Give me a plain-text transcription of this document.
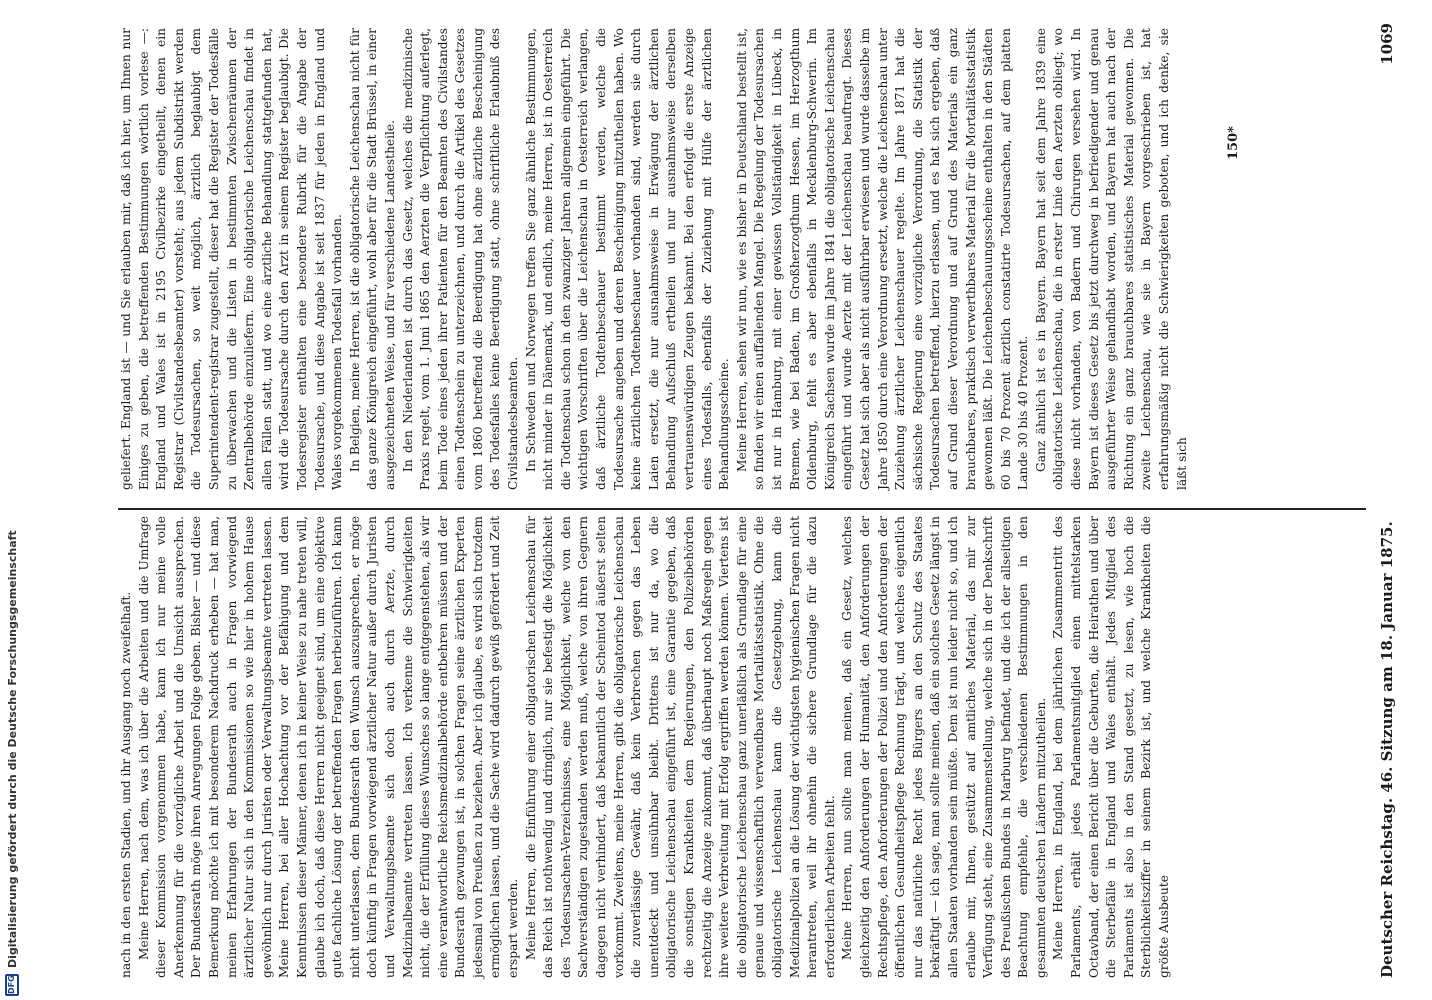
Deutscher Reichstag. 46. Sitzung am 18. Januar 1875.
1069

nach in den ersten Stadien, und ihr Ausgang noch zweifelhaft. Meine Herren, nach dem, was ich über die Arbeiten und die Umfrage dieser Kommission vorgenommen habe, kann ich nur meine volle Anerkennung für die vorzügliche Arbeit und die Umsicht aussprechen. Der Bundesrath möge ihren Anregungen Folge geben. Bisher — und diese Bemerkung möchte ich mit besonderem Nachdruck erheben — hat man, meinen Erfahrungen der Bundesrath auch in Fragen vorwiegend ärztlicher Natur sich in den Kommissionen so wie hier in hohem Hause gewöhnlich nur durch Juristen oder Verwaltungsbeamte vertreten lassen. Meine Herren, bei aller Hochachtung vor der Befähigung und dem Kenntnissen dieser Männer, denen ich in keiner Weise zu nahe treten will, glaube ich doch, daß diese Herren nicht geeignet sind, um eine objektive gute fachliche Lösung der betreffenden Fragen herbeizuführen. Ich kann nicht unterlassen, dem Bundesrath den Wunsch auszusprechen, er möge doch künftig in Fragen vorwiegend ärztlicher Natur außer durch Juristen und Verwaltungsbeamte sich doch auch durch Aerzte, durch Medizinalbeamte vertreten lassen. Ich verkenne die Schwierigkeiten nicht, die der Erfüllung dieses Wunsches so lange entgegenstehen, als wir eine verantwortliche Reichsmedizinalbehörde entbehren müssen und der Bundesrath gezwungen ist, in solchen Fragen seine ärztlichen Experten jedesmal von Preußen zu beziehen. Aber ich glaube, es wird sich trotzdem ermöglichen lassen, und die Sache wird dadurch gewiß gefördert und Zeit erspart werden. Meine Herren, die Einführung einer obligatorischen Leichenschau für das Reich ist nothwendig und dringlich, nur sie befestigt die Möglichkeit des Todesursachen-Verzeichnisses, eine Möglichkeit, welche von den Sachverständigen zugestanden werden muß, welche von ihren Gegnern dagegen nicht verhindert, daß bekanntlich der Scheintod äußerst selten vorkommt. Zweitens, meine Herren, gibt die obligatorische Leichenschau die zuverlässige Gewähr, daß kein Verbrechen gegen das Leben unentdeckt und unsühnbar bleibt. Drittens ist nur da, wo die obligatorische Leichenschau eingeführt ist, eine Garantie gegeben, daß die sonstigen Krankheiten dem Regierungen, den Polizeibehörden rechtzeitig die Anzeige zukommt, daß überhaupt noch Maßregeln gegen ihre weitere Verbreitung mit Erfolg ergriffen werden können. Viertens ist die obligatorische Leichenschau ganz unerläßlich als Grundlage für eine genaue und wissenschaftlich verwendbare Mortalitätsstatistik. Ohne die obligatorische Leichenschau kann die Gesetzgebung, kann die Medizinalpolizei an die Lösung der wichtigsten hygienischen Fragen nicht herantreten, weil ihr ohnehin die sichere Grundlage für die dazu erforderlichen Arbeiten fehlt. Meine Herren, nun sollte man meinen, daß ein Gesetz, welches gleichzeitig den Anforderungen der Humanität, den Anforderungen der Rechtspflege, den Anforderungen der Polizei und den Anforderungen der öffentlichen Gesundheitspflege Rechnung trägt, und welches eigentlich nur das natürliche Recht jedes Bürgers an den Schutz des Staates bekräftigt — ich sage, man sollte meinen, daß ein solches Gesetz längst in allen Staaten vorhanden sein müßte. Dem ist nun leider nicht so, und ich erlaube mir, Ihnen, gestützt auf amtliches Material, das mir zur Verfügung steht, eine Zusammenstellung, welche sich in der Denkschrift des Preußischen Bundes in Marburg befindet, und die ich der allseitigen Beachtung empfehle, die verschiedenen Bestimmungen in den gesammten deutschen Ländern mitzutheilen. Meine Herren, in England, bei dem jährlichen Zusammentritt des Parlaments, erhält jedes Parlamentsmitglied einen mittelstarken Octavband, der einen Bericht über die Geburten, die Heirathen und über die Sterbefälle in England und Wales enthält. Jedes Mitglied des Parlaments ist also in den Stand gesetzt, zu lesen, wie hoch die Sterblichkeitsziffer in seinem Bezirk ist, und welche Krankheiten die größte Ausbeute

geliefert. England ist — und Sie erlauben mir, daß ich hier, um Ihnen nur Einiges zu geben, die betreffenden Bestimmungen wörtlich vorlese —: England und Wales ist in 2195 Civilbezirke eingetheilt, denen ein Registrar (Civilstandesbeamter) vorsteht; aus jedem Subdistrikt werden die Todesursachen, so weit möglich, ärztlich beglaubigt dem Superintendent-registrar zugestellt, dieser hat die Register der Todesfälle zu überwachen und die Listen in bestimmten Zwischenräumen der Zentralbehörde einzuliefern. Eine obligatorische Leichenschau findet in allen Fällen statt, und wo eine ärztliche Behandlung stattgefunden hat, wird die Todesursache durch den Arzt in seinem Register beglaubigt. Die Todesregister enthalten eine besondere Rubrik für die Angabe der Todesursache, und diese Angabe ist seit 1837 für jeden in England und Wales vorgekommenen Todesfall vorhanden. In Belgien, meine Herren, ist die obligatorische Leichenschau nicht für das ganze Königreich eingeführt, wohl aber für die Stadt Brüssel, in einer ausgezeichneten Weise, und für verschiedene Landestheile. In den Niederlanden ist durch das Gesetz, welches die medizinische Praxis regelt, vom 1. Juni 1865 den Aerzten die Verpflichtung auferlegt, beim Tode eines jeden ihrer Patienten für den Beamten des Civilstandes einen Todtenschein zu unterzeichnen, und durch die Artikel des Gesetzes vom 1860 betreffend die Beerdigung hat ohne ärztliche Bescheinigung des Todesfalles keine Beerdigung statt, ohne schriftliche Erlaubniß des Civilstandesbeamten. In Schweden und Norwegen treffen Sie ganz ähnliche Bestimmungen, nicht minder in Dänemark, und endlich, meine Herren, ist in Oesterreich die Todtenschau schon in den zwanziger Jahren allgemein eingeführt. Die wichtigen Vorschriften über die Leichenschau in Oesterreich verlangen, daß ärztliche Todtenbeschauer bestimmt werden, welche die Todesursache angeben und deren Bescheinigung mitzutheilen haben. Wo keine ärztlichen Todtenbeschauer vorhanden sind, werden sie durch Laien ersetzt, die nur ausnahmsweise in Erwägung der ärztlichen Behandlung Aufschluß ertheilen und nur ausnahmsweise derselben vertrauenswürdigen Zeugen bekannt. Bei den erfolgt die erste Anzeige eines Todesfalls, ebenfalls der Zuziehung mit Hülfe der ärztlichen Behandlungsscheine. Meine Herren, sehen wir nun, wie es bisher in Deutschland bestellt ist, so finden wir einen auffallenden Mangel. Die Regelung der Todesursachen ist nur in Hamburg, mit einer gewissen Vollständigkeit in Lübeck, in Bremen, wie bei Baden, im Großherzogthum Hessen, im Herzogthum Oldenburg, fehlt es aber ebenfalls in Mecklenburg-Schwerin. Im Königreich Sachsen wurde im Jahre 1841 die obligatorische Leichenschau eingeführt und wurde Aerzte mit der Leichenschau beauftragt. Dieses Gesetz hat sich aber als nicht ausführbar erwiesen und wurde dasselbe im Jahre 1850 durch eine Verordnung ersetzt, welche die Leichenschau unter Zuziehung ärztlicher Leichenschauer regelte. Im Jahre 1871 hat die sächsische Regierung eine vorzügliche Verordnung, die Statistik der Todesursachen betreffend, hierzu erlassen, und es hat sich ergeben, daß auf Grund dieser Verordnung und auf Grund des Materials ein ganz brauchbares, praktisch verwerthbares Material für die Mortalitätsstatistik gewonnen läßt. Die Leichenbeschauungsscheine enthalten in den Städten 60 bis 70 Prozent ärztlich constatirte Todesursachen, auf dem platten Lande 30 bis 40 Prozent. Ganz ähnlich ist es in Bayern. Bayern hat seit dem Jahre 1839 eine obligatorische Leichenschau, die in erster Linie den Aerzten obliegt; wo diese nicht vorhanden, von Badern und Chirurgen versehen wird. In Bayern ist dieses Gesetz bis jetzt durchweg in befriedigender und genau ausgeführter Weise gehandhabt worden, und Bayern hat auch nach der Richtung ein ganz brauchbares statistisches Material gewonnen. Die zweite Leichenschau, wie sie in Bayern vorgeschrieben ist, hat erfahrungsmäßig nicht die Schwierigkeiten geboten, und ich denke, sie läßt sich

150*
DFG
Digitalisierung gefördert durch die Deutsche Forschungsgemeinschaft
